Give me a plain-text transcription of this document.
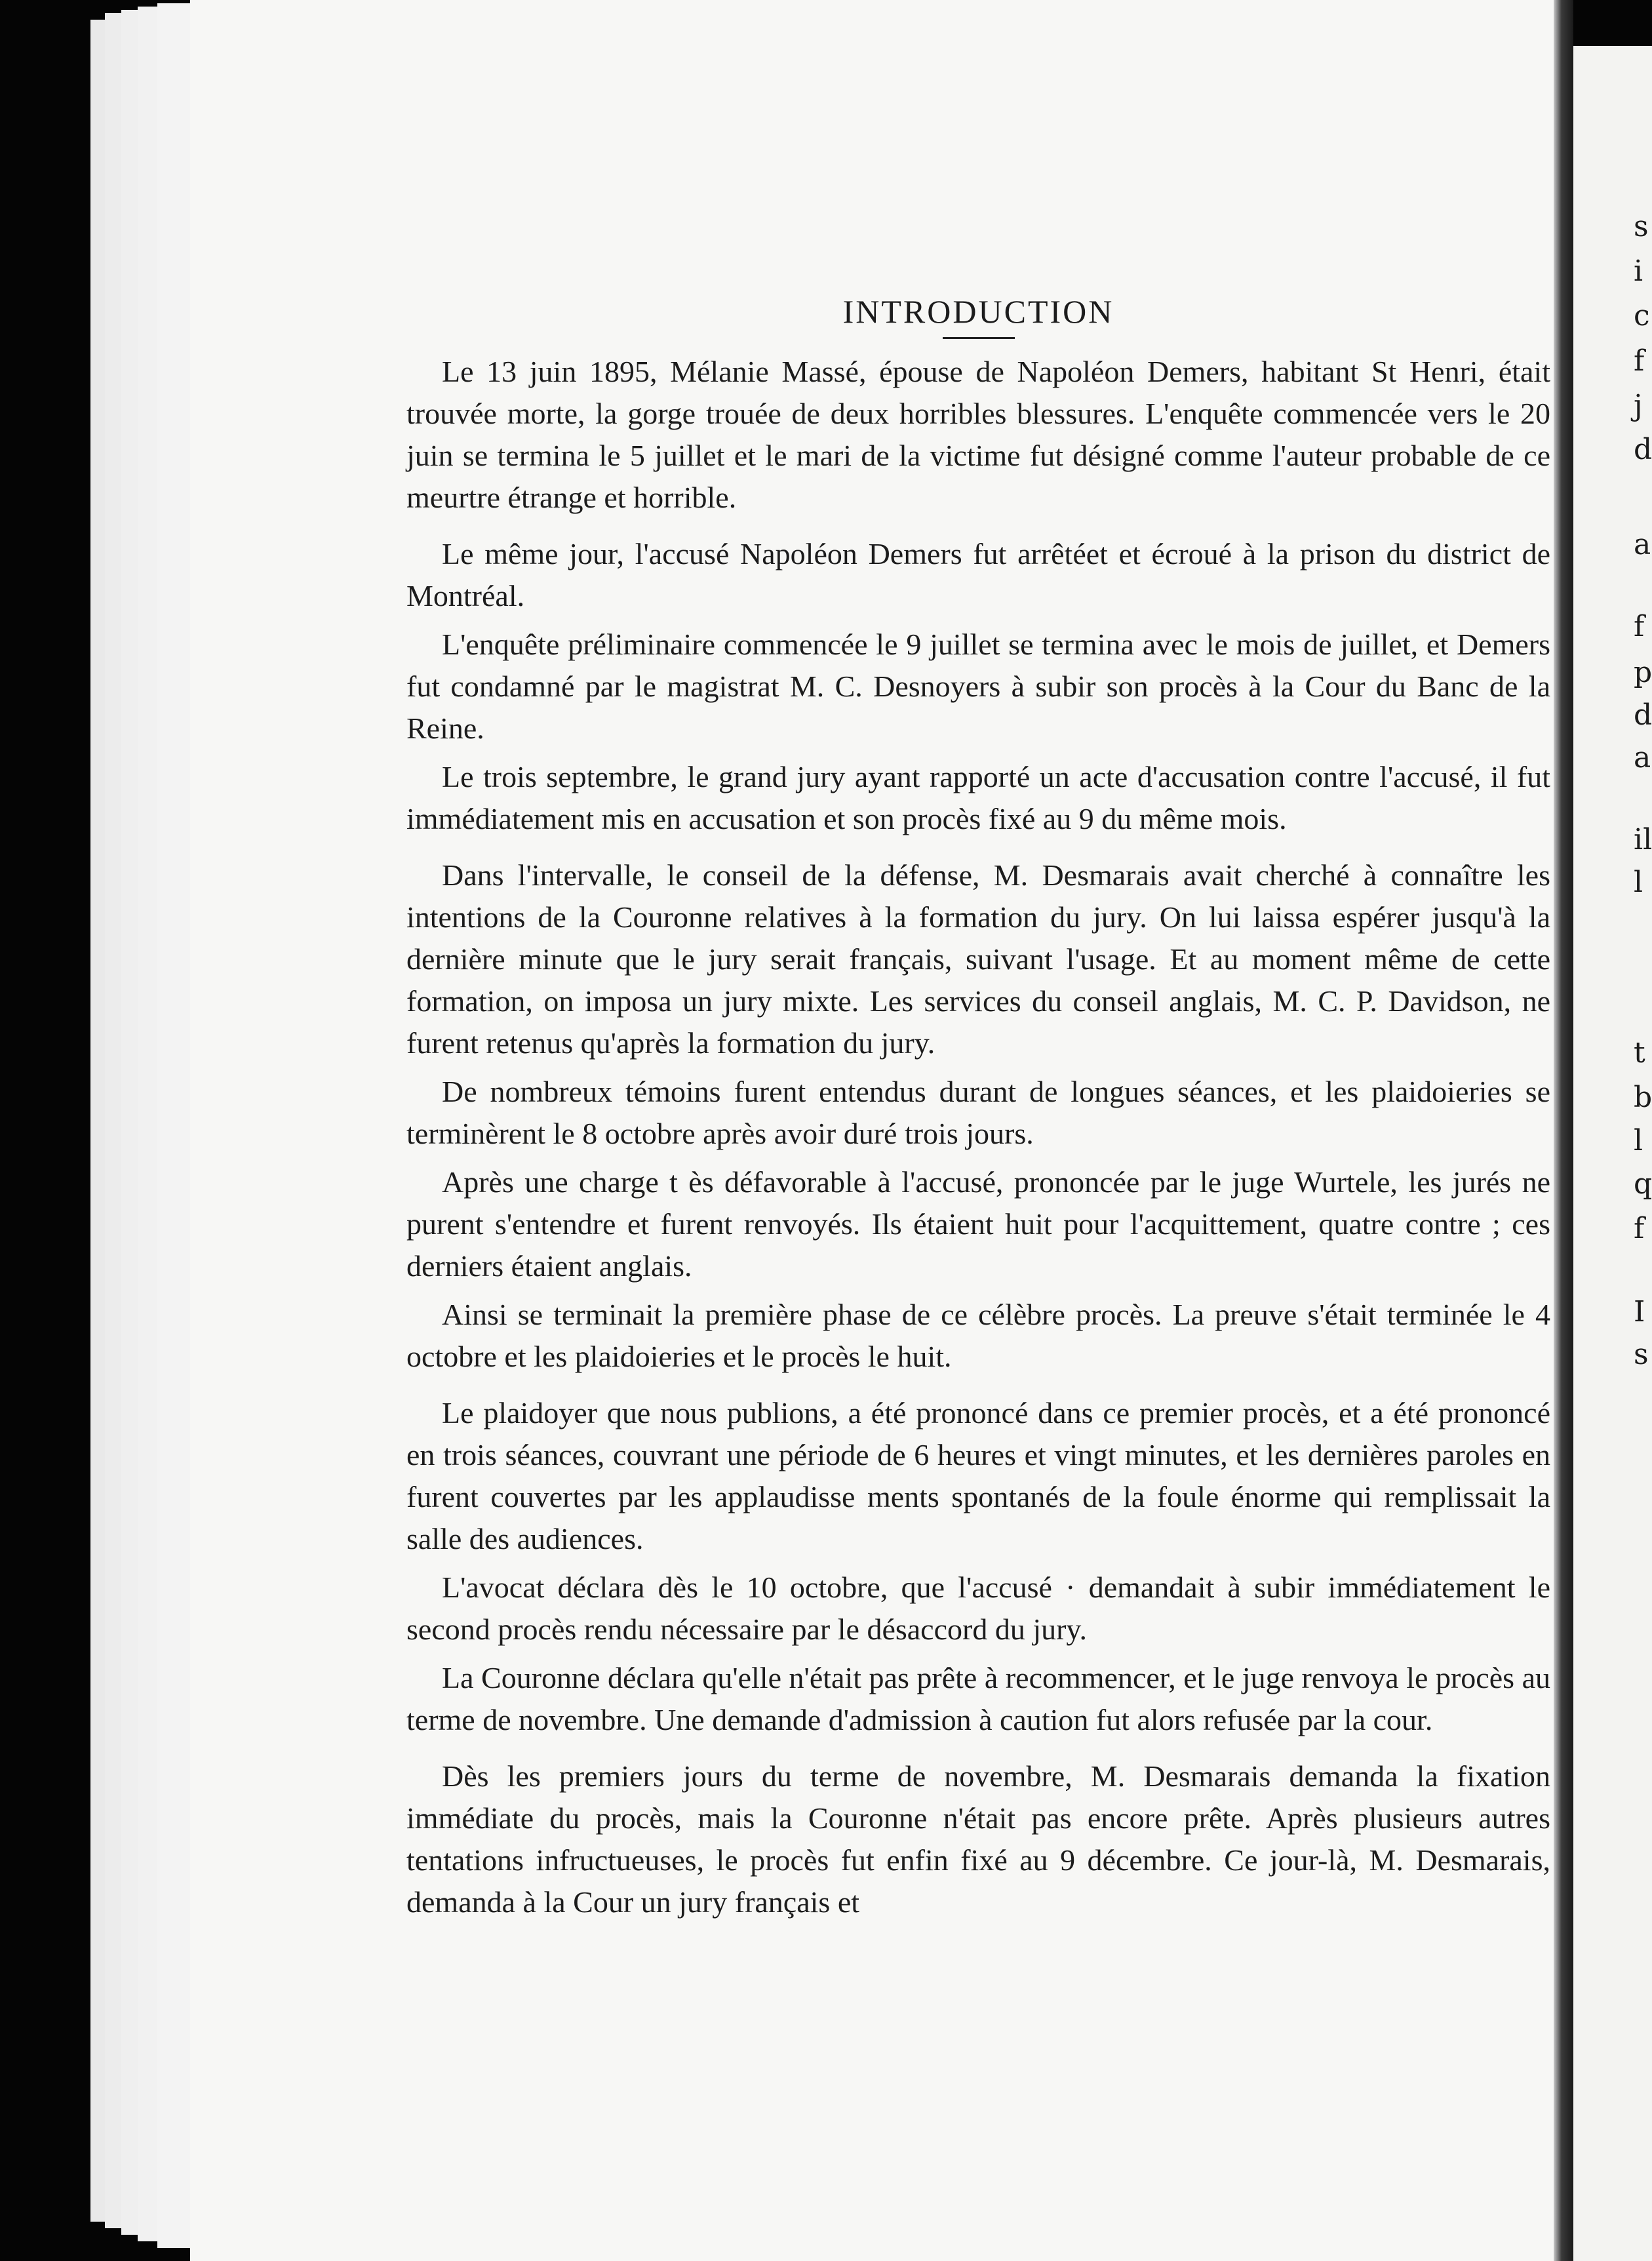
INTRODUCTION

Le 13 juin 1895, Mélanie Massé, épouse de Napoléon Demers, habitant St Henri, était trouvée morte, la gorge trouée de deux horribles blessures. L'enquête commencée vers le 20 juin se termina le 5 juillet et le mari de la victime fut désigné comme l'auteur probable de ce meurtre étrange et horrible.

Le même jour, l'accusé Napoléon Demers fut arrêtéet et écroué à la prison du district de Montréal.

L'enquête préliminaire commencée le 9 juillet se termina avec le mois de juillet, et Demers fut condamné par le magistrat M. C. Desnoyers à subir son procès à la Cour du Banc de la Reine.

Le trois septembre, le grand jury ayant rapporté un acte d'accusation contre l'accusé, il fut immédiatement mis en accusation et son procès fixé au 9 du même mois.

Dans l'intervalle, le conseil de la défense, M. Desmarais avait cherché à connaître les intentions de la Couronne relatives à la formation du jury. On lui laissa espérer jusqu'à la dernière minute que le jury serait français, suivant l'usage. Et au moment même de cette formation, on imposa un jury mixte. Les services du conseil anglais, M. C. P. Davidson, ne furent retenus qu'après la formation du jury.

De nombreux témoins furent entendus durant de longues séances, et les plaidoieries se terminèrent le 8 octobre après avoir duré trois jours.

Après une charge t ès défavorable à l'accusé, prononcée par le juge Wurtele, les jurés ne purent s'entendre et furent renvoyés. Ils étaient huit pour l'acquittement, quatre contre ; ces derniers étaient anglais.

Ainsi se terminait la première phase de ce célèbre procès. La preuve s'était terminée le 4 octobre et les plaidoieries et le procès le huit.

Le plaidoyer que nous publions, a été prononcé dans ce premier procès, et a été prononcé en trois séances, couvrant une période de 6 heures et vingt minutes, et les dernières paroles en furent couvertes par les applaudisse ments spontanés de la foule énorme qui remplissait la salle des audiences.

L'avocat déclara dès le 10 octobre, que l'accusé · demandait à subir immédiatement le second procès rendu nécessaire par le désaccord du jury.

La Couronne déclara qu'elle n'était pas prête à recommencer, et le juge renvoya le procès au terme de novembre. Une demande d'admission à caution fut alors refusée par la cour.

Dès les premiers jours du terme de novembre, M. Desmarais demanda la fixation immédiate du procès, mais la Couronne n'était pas encore prête. Après plusieurs autres tentations infructueuses, le procès fut enfin fixé au 9 décembre. Ce jour-là, M. Desmarais, demanda à la Cour un jury français et

s
i
c
f
j
d
a
f
p
d
a
il
l
t
b
l
q
f
I
s
